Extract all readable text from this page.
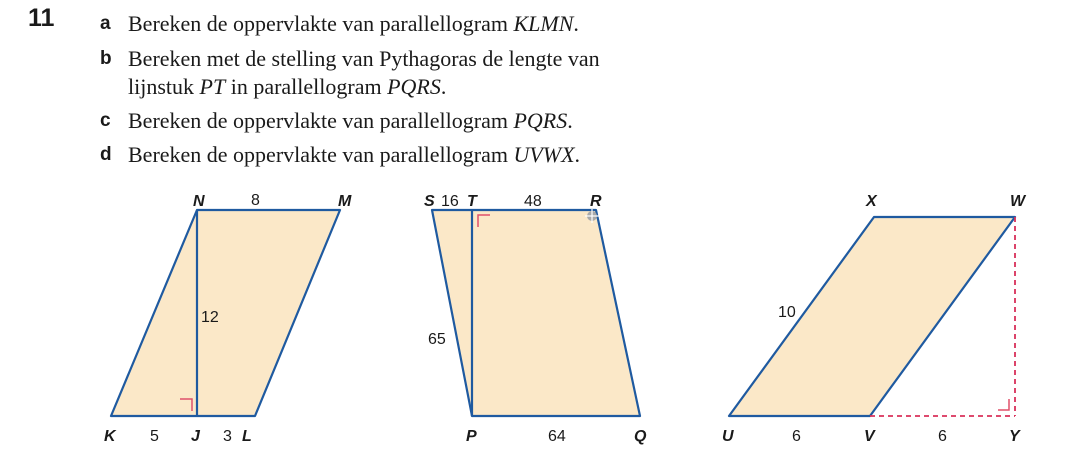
11 a Bereken de oppervlakte van parallellogram KLMN.
b Bereken met de stelling van Pythagoras de lengte van
lijnstuk PT in parallellogram PQRS.
c Bereken de oppervlakte van parallellogram PQRS.
d Bereken de oppervlakte van parallellogram UVWX.
N	M
K	J	L
8
12
5	3
S 16 T	48	R
65
P	64	Q
X	W
10
U	6	V	6	Y
